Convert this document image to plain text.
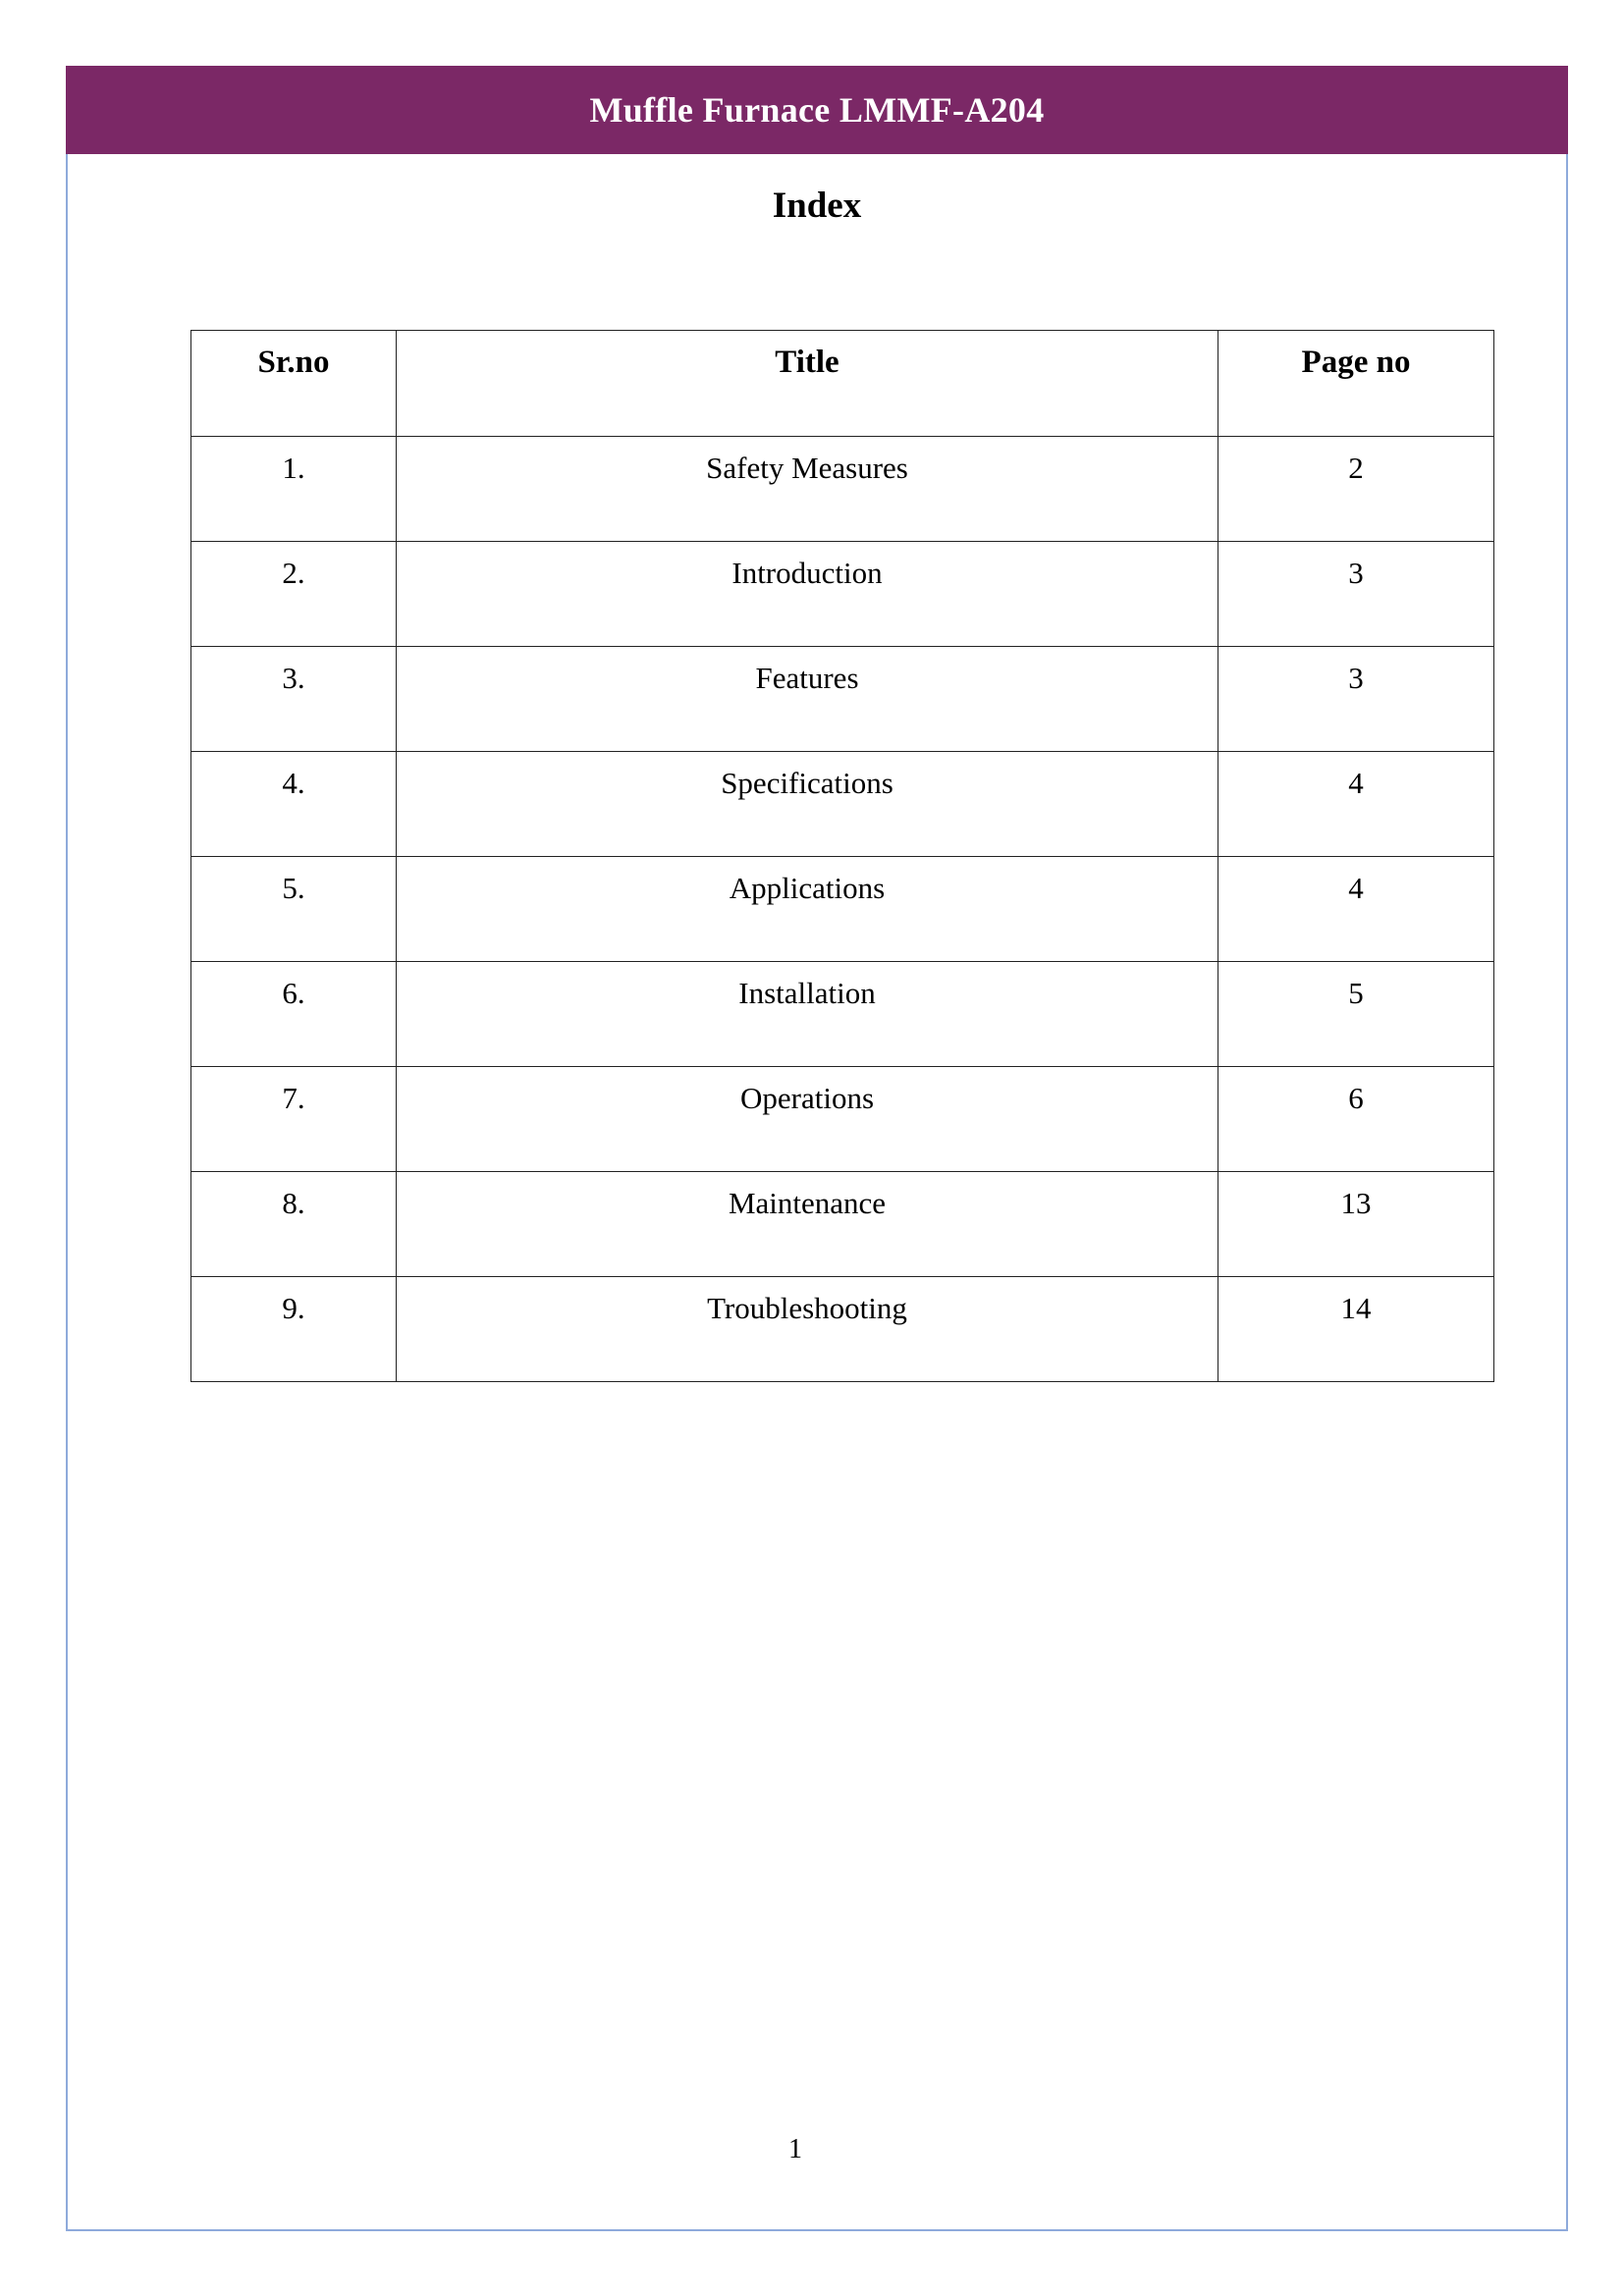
Muffle Furnace LMMF-A204
Index
Sr.no	Title	Page no
1.	Safety Measures	2
2.	Introduction	3
3.	Features	3
4.	Specifications	4
5.	Applications	4
6.	Installation	5
7.	Operations	6
8.	Maintenance	13
9.	Troubleshooting	14
1
